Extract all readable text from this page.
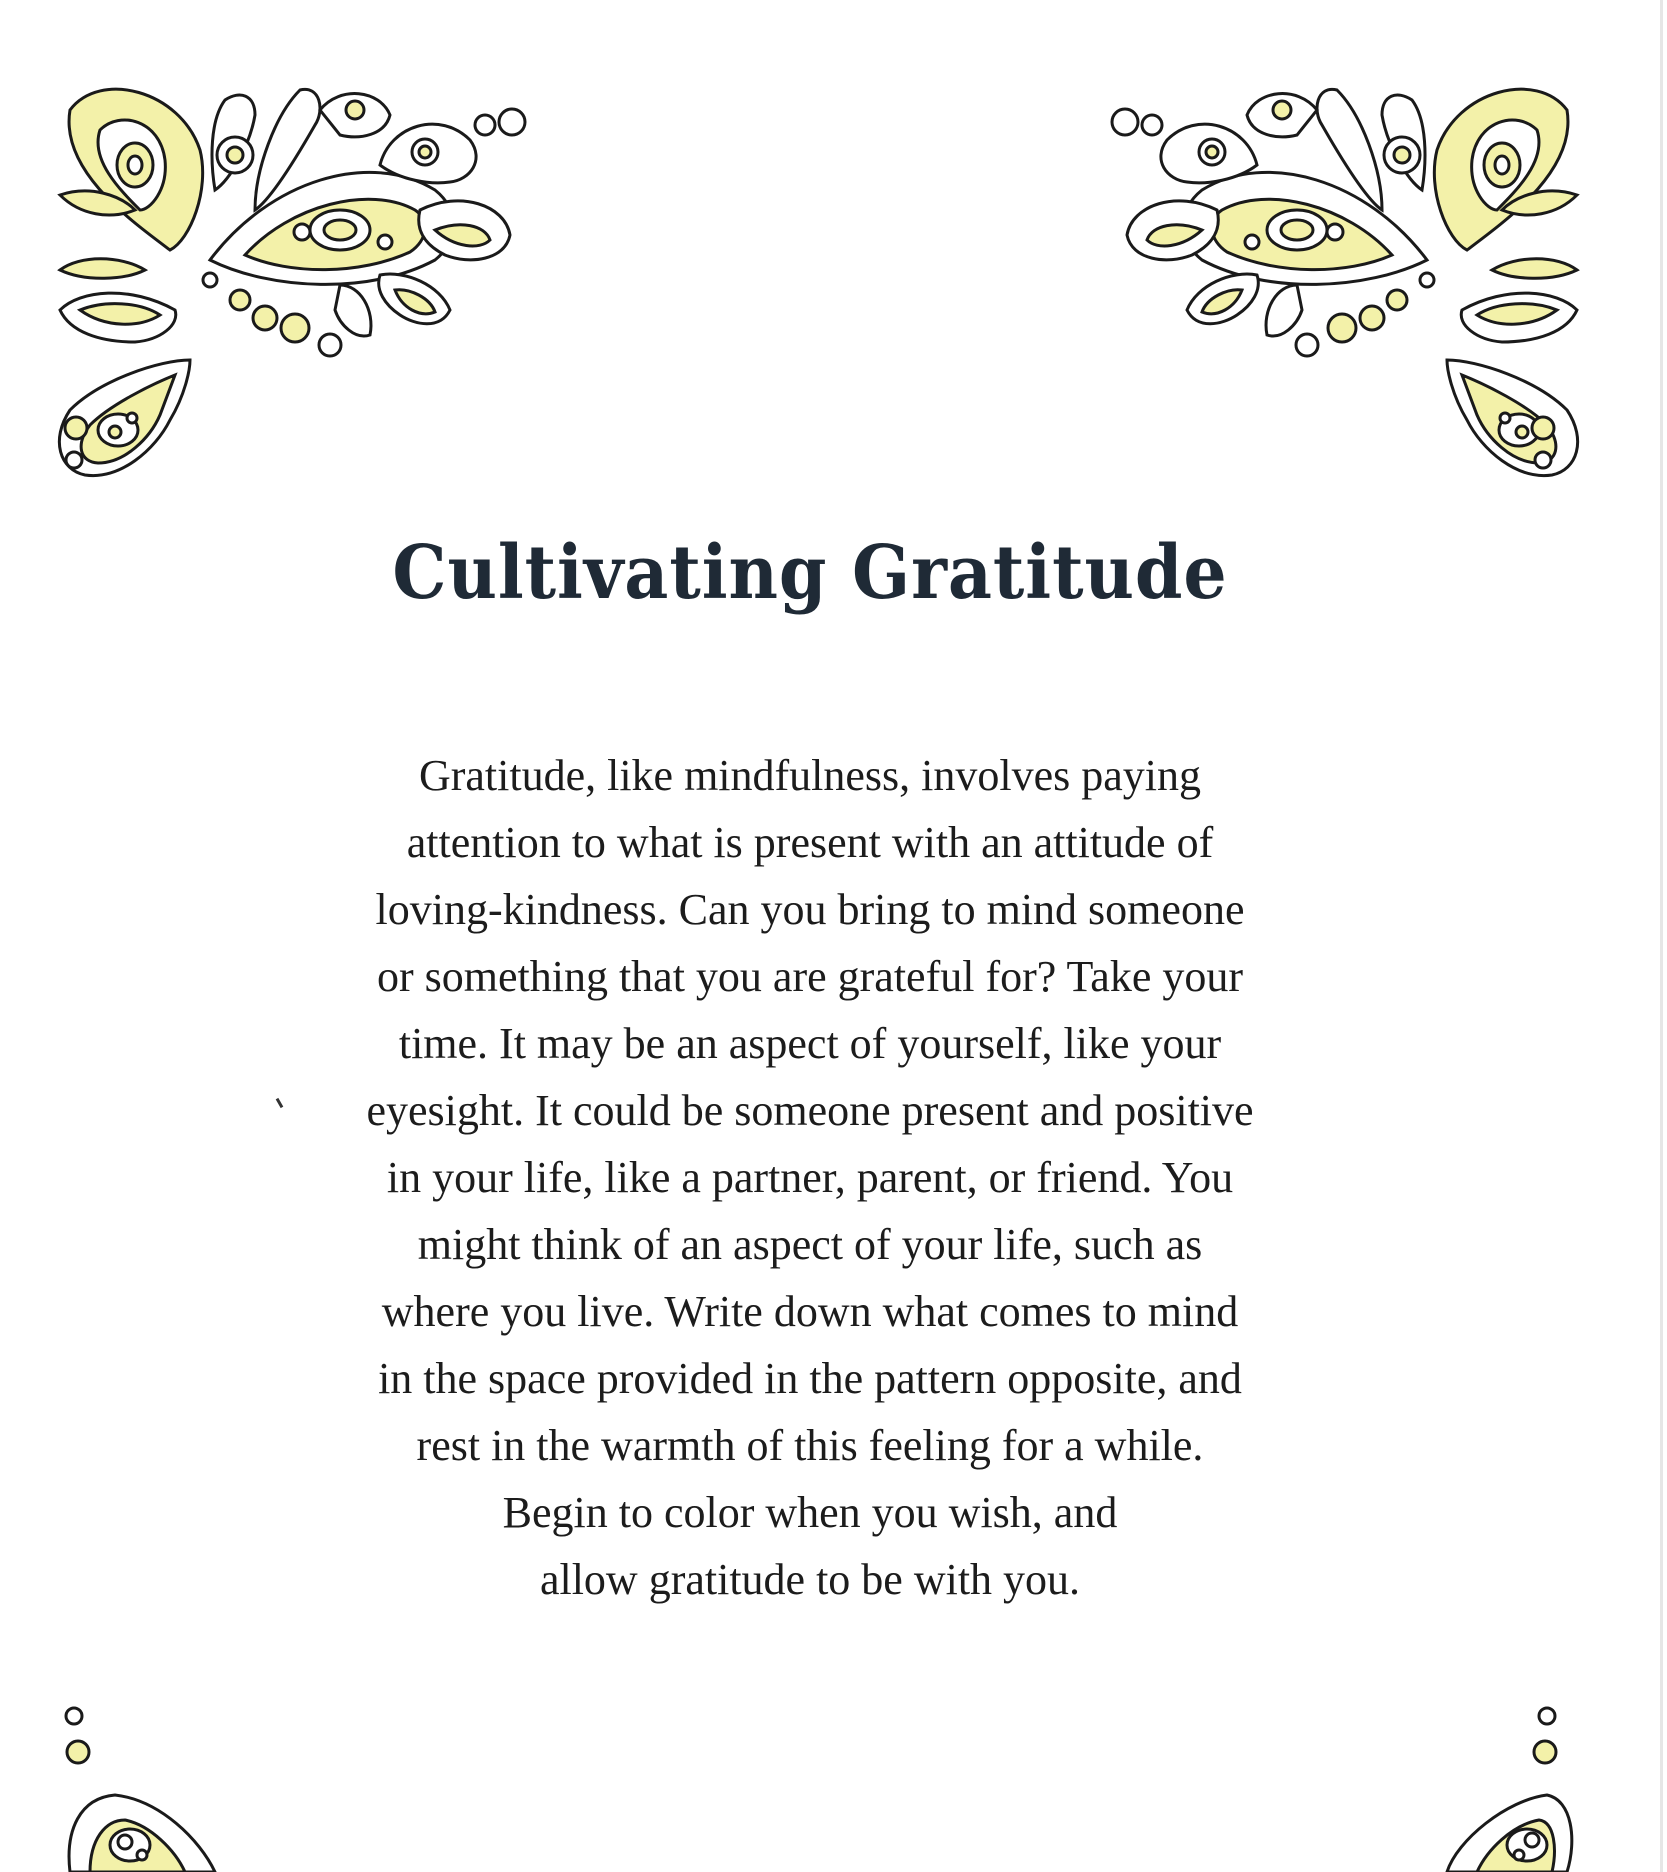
Cultivating Gratitude
Gratitude, like mindfulness, involves paying
attention to what is present with an attitude of
loving-kindness. Can you bring to mind someone
or something that you are grateful for? Take your
time. It may be an aspect of yourself, like your
eyesight. It could be someone present and positive
in your life, like a partner, parent, or friend. You
might think of an aspect of your life, such as
where you live. Write down what comes to mind
in the space provided in the pattern opposite, and
rest in the warmth of this feeling for a while.
Begin to color when you wish, and
allow gratitude to be with you.
